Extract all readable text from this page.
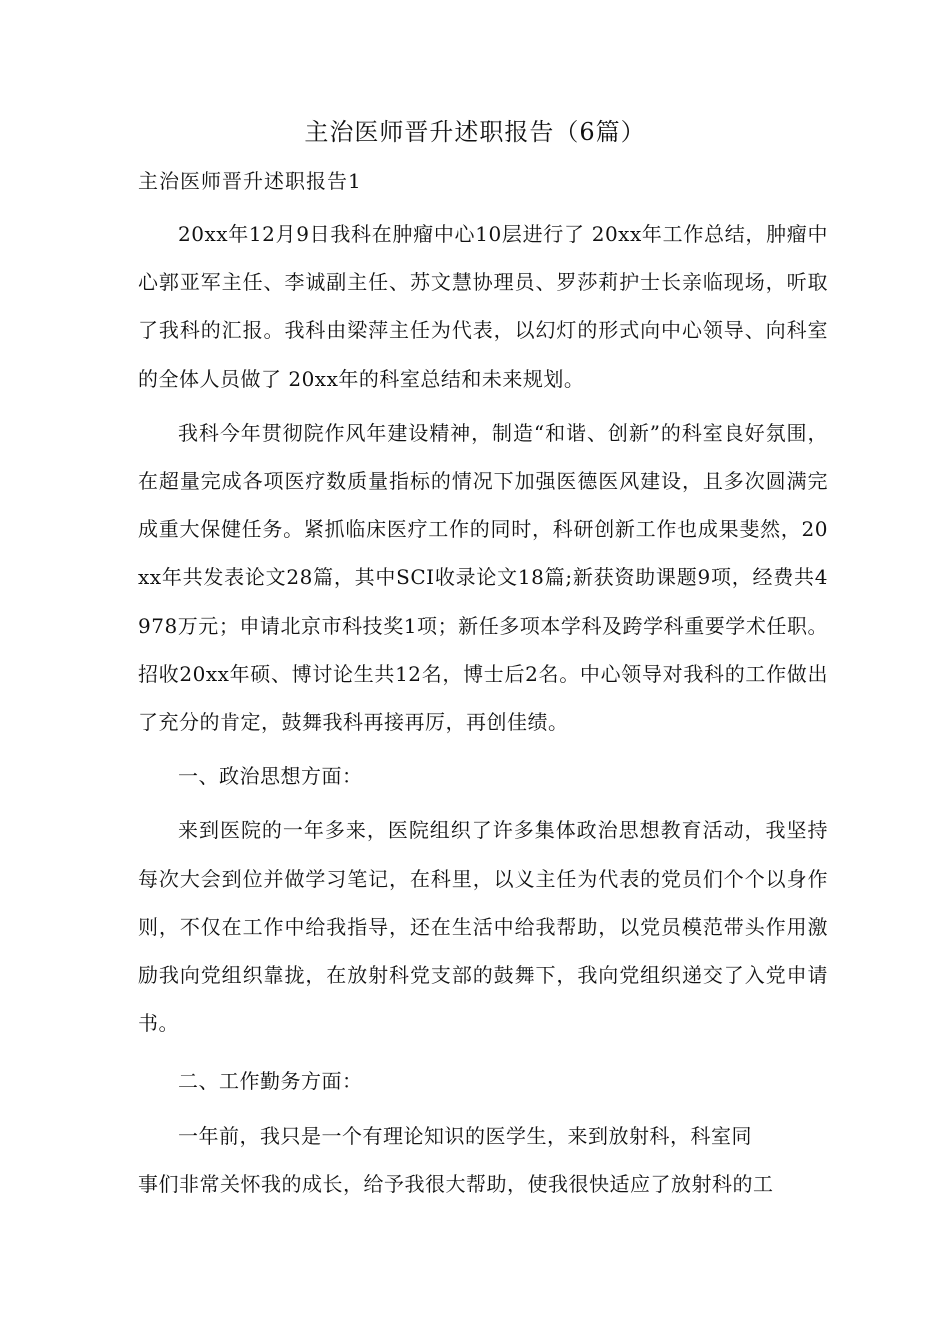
主治医师晋升述职报告（6篇）
主治医师晋升述职报告1

20xx年12月9日我科在肿瘤中心10层进行了 20xx年工作总结，肿瘤中心郭亚军主任、李诚副主任、苏文慧协理员、罗莎莉护士长亲临现场，听取了我科的汇报。我科由梁萍主任为代表，以幻灯的形式向中心领导、向科室的全体人员做了 20xx年的科室总结和未来规划。

我科今年贯彻院作风年建设精神，制造“和谐、创新”的科室良好氛围，在超量完成各项医疗数质量指标的情况下加强医德医风建设，且多次圆满完成重大保健任务。紧抓临床医疗工作的同时，科研创新工作也成果斐然，20xx年共发表论文28篇，其中SCI收录论文18篇;新获资助课题9项，经费共4978万元；申请北京市科技奖1项；新任多项本学科及跨学科重要学术任职。招收20xx年硕、博讨论生共12名，博士后2名。中心领导对我科的工作做出了充分的肯定，鼓舞我科再接再厉，再创佳绩。

一、政治思想方面：

来到医院的一年多来，医院组织了许多集体政治思想教育活动，我坚持每次大会到位并做学习笔记，在科里，以义主任为代表的党员们个个以身作则，不仅在工作中给我指导，还在生活中给我帮助，以党员模范带头作用激励我向党组织靠拢，在放射科党支部的鼓舞下，我向党组织递交了入党申请书。

二、工作勤务方面：

一年前，我只是一个有理论知识的医学生，来到放射科，科室同

事们非常关怀我的成长，给予我很大帮助，使我很快适应了放射科的工
